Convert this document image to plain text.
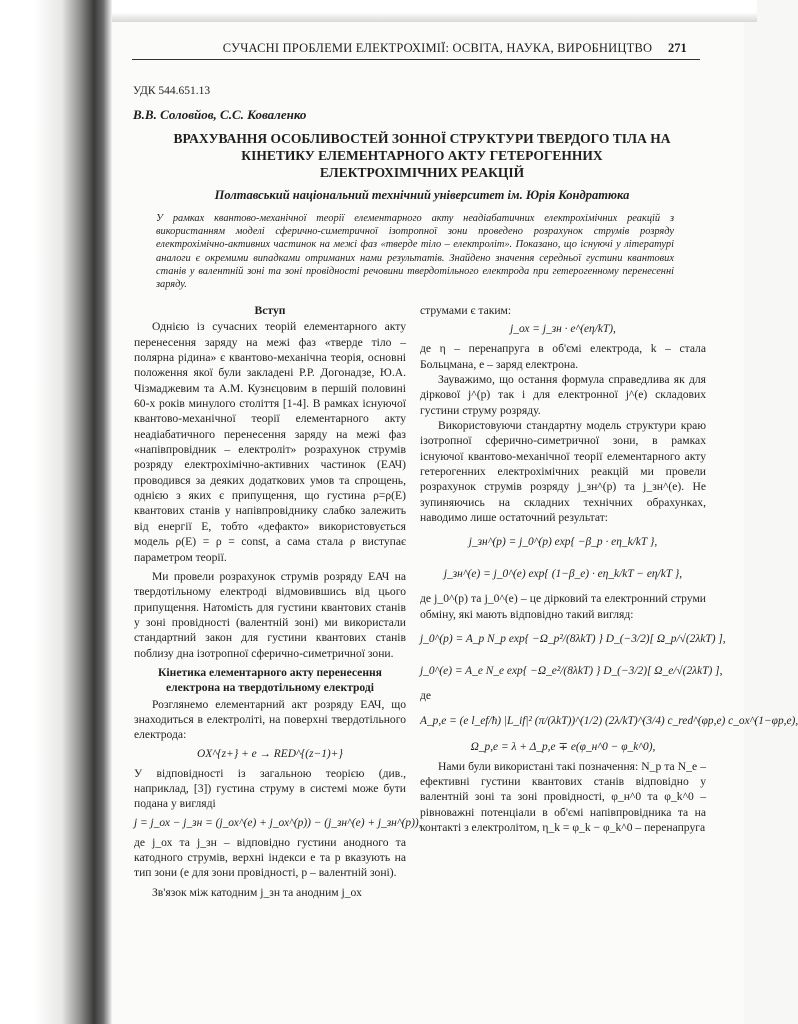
СУЧАСНІ ПРОБЛЕМИ ЕЛЕКТРОХІМІЇ: ОСВІТА, НАУКА, ВИРОБНИЦТВО	271
УДК 544.651.13
В.В. Соловйов, С.С. Коваленко
ВРАХУВАННЯ ОСОБЛИВОСТЕЙ ЗОННОЇ СТРУКТУРИ ТВЕРДОГО ТІЛА НА
КІНЕТИКУ ЕЛЕМЕНТАРНОГО АКТУ ГЕТЕРОГЕННИХ
ЕЛЕКТРОХІМІЧНИХ РЕАКЦІЙ
Полтавський національний технічний університет ім. Юрія Кондратюка
У рамках квантово-механічної теорії елементарного акту неадіабатичних електрохімічних реакцій з використанням моделі сферично-симетричної ізотропної зони проведено розрахунок струмів розряду електрохімічно-активних частинок на межі фаз «тверде тіло – електроліт». Показано, що існуючі у літературі аналоги є окремими випадками отриманих нами результатів. Знайдено значення середньої густини квантових станів у валентній зоні та зоні провідності речовини твердотільного електрода при гетерогенному перенесенні заряду.
Вступ

Однією із сучасних теорій елементарного акту перенесення заряду на межі фаз «тверде тіло – полярна рідина» є квантово-механічна теорія, основні положення якої були закладені Р.Р. Догонадзе, Ю.А. Чізмаджевим та А.М. Кузнєцовим в першій половині 60-х років минулого століття [1-4]. В рамках існуючої квантово-механічної теорії елементарного акту неадіабатичного перенесення заряду на межі фаз «напівпровідник – електроліт» розрахунок струмів розряду електрохімічно-активних частинок (ЕАЧ) проводився за деяких додаткових умов та спрощень, однією з яких є припущення, що густина ρ=ρ(E) квантових станів у напівпровіднику слабко залежить від енергії E, тобто «дефакто» використовується модель ρ(E) = ρ = const, а сама стала ρ виступає параметром теорії.

Ми провели розрахунок струмів розряду ЕАЧ на твердотільному електроді відмовившись від цього припущення. Натомість для густини квантових станів у зоні провідності (валентній зоні) ми використали стандартний закон для густини квантових станів поблизу дна ізотропної сферично-симетричної зони.

Кінетика елементарного акту перенесення електрона на твердотільному електроді

Розглянемо елементарний акт розряду ЕАЧ, що знаходиться в електроліті, на поверхні твердотільного електрода:

OX^{z+} + e → RED^{(z−1)+}

У відповідності із загальною теорією (див., наприклад, [3]) густина струму в системі може бути подана у вигляді

j = j_ох − j_зн = (j_ох^(e) + j_ох^(p)) − (j_зн^(e) + j_зн^(p)),

де j_ох та j_зн – відповідно густини анодного та катодного струмів, верхні індекси e та p вказують на тип зони (e для зони провідності, p – валентній зоні).

Зв'язок між катодним j_зн та анодним j_ох

струмами є таким:

j_ох = j_зн · e^(eη/kT),

де η – перенапруга в об'ємі електрода, k – стала Больцмана, e – заряд електрона.

Зауважимо, що остання формула справедлива як для діркової j^(p) так і для електронної j^(e) складових густини струму розряду.

Використовуючи стандартну модель структури краю ізотропної сферично-симетричної зони, в рамках існуючої квантово-механічної теорії елементарного акту гетерогенних електрохімічних реакцій ми провели розрахунок струмів розряду j_зн^(p) та j_зн^(e). Не зупиняючись на складних технічних обрахунках, наводимо лише остаточний результат:

j_зн^(p) = j_0^(p) exp{ −β_p · eη_k/kT },
j_зн^(e) = j_0^(e) exp{ (1−β_e) · eη_k/kT − eη/kT },

де j_0^(p) та j_0^(e) – це дірковий та електронний струми обміну, які мають відповідно такий вигляд:

j_0^(p) = A_p N_p exp{ −Ω_p²/(8λkT) } D_(−3/2)[ Ω_p/√(2λkT) ],
j_0^(e) = A_e N_e exp{ −Ω_e²/(8λkT) } D_(−3/2)[ Ω_e/√(2λkT) ],

де

A_p,e = (e l_ef/ħ) |L_if|² (π/(λkT))^(1/2) (2λ/kT)^(3/4) c_red^(φp,e) c_ox^(1−φp,e),
Ω_p,e = λ + Δ_p,e ∓ e(φ_н^0 − φ_k^0),

Нами були використані такі позначення: N_p та N_e – ефективні густини квантових станів відповідно у валентній зоні та зоні провідності, φ_н^0 та φ_k^0 – рівноважні потенціали в об'ємі напівпровідника та на контакті з електролітом, η_k = φ_k − φ_k^0 – перенапруга
